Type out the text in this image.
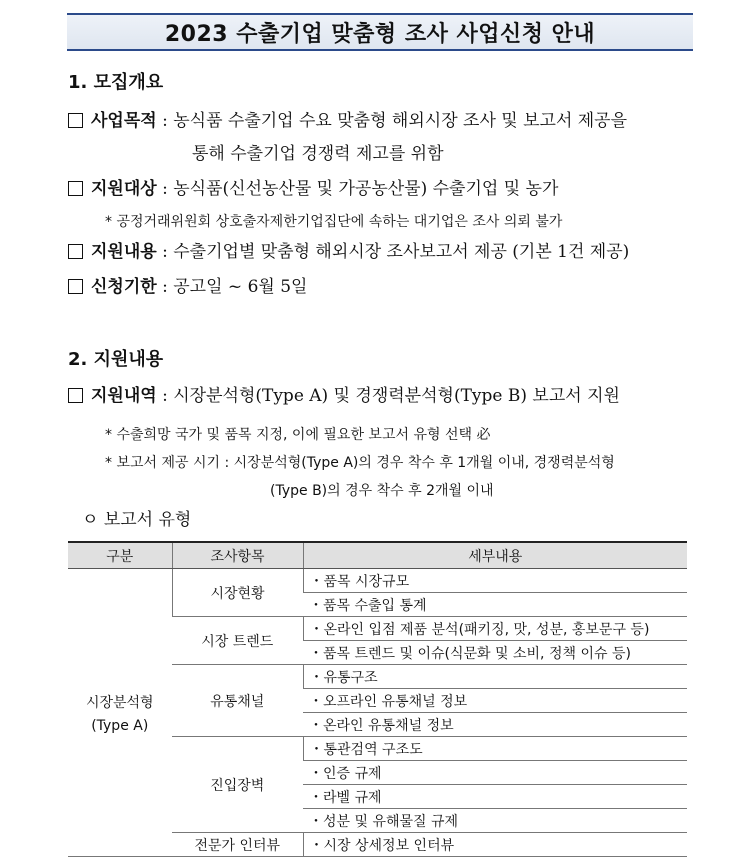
2023 수출기업 맞춤형 조사 사업신청 안내
1. 모집개요
사업목적 : 농식품 수출기업 수요 맞춤형 해외시장 조사 및 보고서 제공을
통해 수출기업 경쟁력 제고를 위함
지원대상 : 농식품(신선농산물 및 가공농산물) 수출기업 및 농가
* 공정거래위원회 상호출자제한기업집단에 속하는 대기업은 조사 의뢰 불가
지원내용 : 수출기업별 맞춤형 해외시장 조사보고서 제공 (기본 1건 제공)
신청기한 : 공고일 ~ 6월 5일
2. 지원내용
지원내역 : 시장분석형(Type A) 및 경쟁력분석형(Type B) 보고서 지원
* 수출희망 국가 및 품목 지정, 이에 필요한 보고서 유형 선택 必
* 보고서 제공 시기 : 시장분석형(Type A)의 경우 착수 후 1개월 이내, 경쟁력분석형
(Type B)의 경우 착수 후 2개월 이내
ㅇ 보고서 유형
구분	조사항목	세부내용

시장분석형
(Type A)	시장현황	・품목 시장규모
		・품목 수출입 통계
	시장 트렌드	・온라인 입점 제품 분석(패키징, 맛, 성분, 홍보문구 등)
		・품목 트렌드 및 이슈(식문화 및 소비, 정책 이슈 등)
	유통채널	・유통구조
		・오프라인 유통채널 정보
		・온라인 유통채널 정보
	진입장벽	・통관검역 구조도
		・인증 규제
		・라벨 규제
		・성분 및 유해물질 규제
	전문가 인터뷰	・시장 상세정보 인터뷰
